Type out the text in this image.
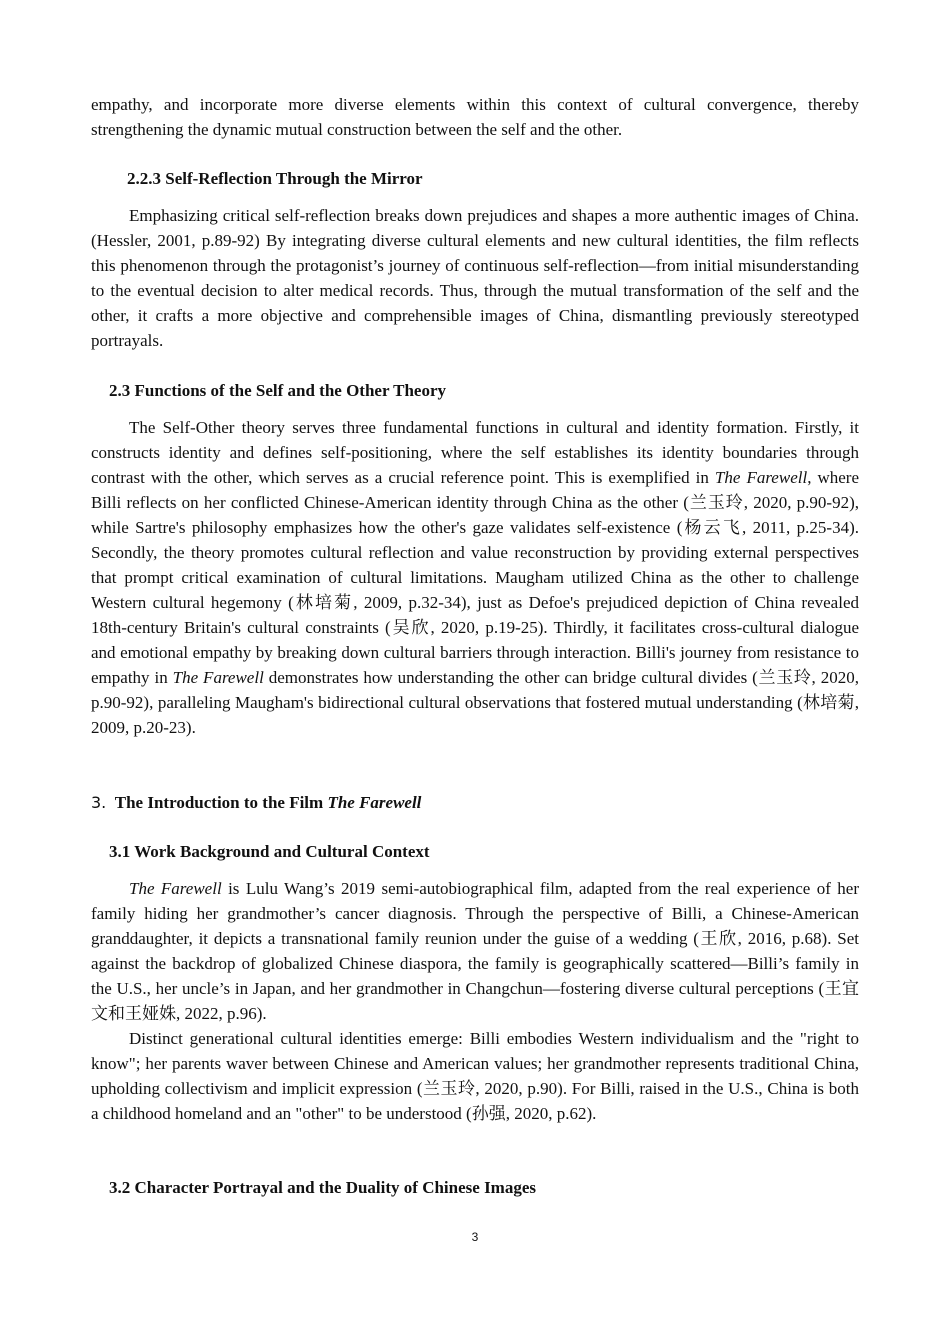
empathy, and incorporate more diverse elements within this context of cultural convergence, thereby strengthening the dynamic mutual construction between the self and the other.

2.2.3 Self-Reflection Through the Mirror

Emphasizing critical self-reflection breaks down prejudices and shapes a more authentic images of China. (Hessler, 2001, p.89-92) By integrating diverse cultural elements and new cultural identities, the film reflects this phenomenon through the protagonist’s journey of continuous self-reflection—from initial misunderstanding to the eventual decision to alter medical records. Thus, through the mutual transformation of the self and the other, it crafts a more objective and comprehensible images of China, dismantling previously stereotyped portrayals.

2.3 Functions of the Self and the Other Theory

The Self-Other theory serves three fundamental functions in cultural and identity formation. Firstly, it constructs identity and defines self-positioning, where the self establishes its identity boundaries through contrast with the other, which serves as a crucial reference point. This is exemplified in The Farewell, where Billi reflects on her conflicted Chinese-American identity through China as the other (兰玉玲, 2020, p.90-92), while Sartre's philosophy emphasizes how the other's gaze validates self-existence (杨云飞, 2011, p.25-34). Secondly, the theory promotes cultural reflection and value reconstruction by providing external perspectives that prompt critical examination of cultural limitations. Maugham utilized China as the other to challenge Western cultural hegemony (林培菊, 2009, p.32-34), just as Defoe's prejudiced depiction of China revealed 18th-century Britain's cultural constraints (吴欣, 2020, p.19-25). Thirdly, it facilitates cross-cultural dialogue and emotional empathy by breaking down cultural barriers through interaction. Billi's journey from resistance to empathy in The Farewell demonstrates how understanding the other can bridge cultural divides (兰玉玲, 2020, p.90-92), paralleling Maugham's bidirectional cultural observations that fostered mutual understanding (林培菊, 2009, p.20-23).

3. The Introduction to the Film The Farewell

3.1 Work Background and Cultural Context

The Farewell is Lulu Wang’s 2019 semi-autobiographical film, adapted from the real experience of her family hiding her grandmother’s cancer diagnosis. Through the perspective of Billi, a Chinese-American granddaughter, it depicts a transnational family reunion under the guise of a wedding (王欣, 2016, p.68). Set against the backdrop of globalized Chinese diaspora, the family is geographically scattered—Billi’s family in the U.S., her uncle’s in Japan, and her grandmother in Changchun—fostering diverse cultural perceptions (王宜文和王娅姝, 2022, p.96).

Distinct generational cultural identities emerge: Billi embodies Western individualism and the "right to know"; her parents waver between Chinese and American values; her grandmother represents traditional China, upholding collectivism and implicit expression (兰玉玲, 2020, p.90). For Billi, raised in the U.S., China is both a childhood homeland and an "other" to be understood (孙强, 2020, p.62).

3.2 Character Portrayal and the Duality of Chinese Images

3
